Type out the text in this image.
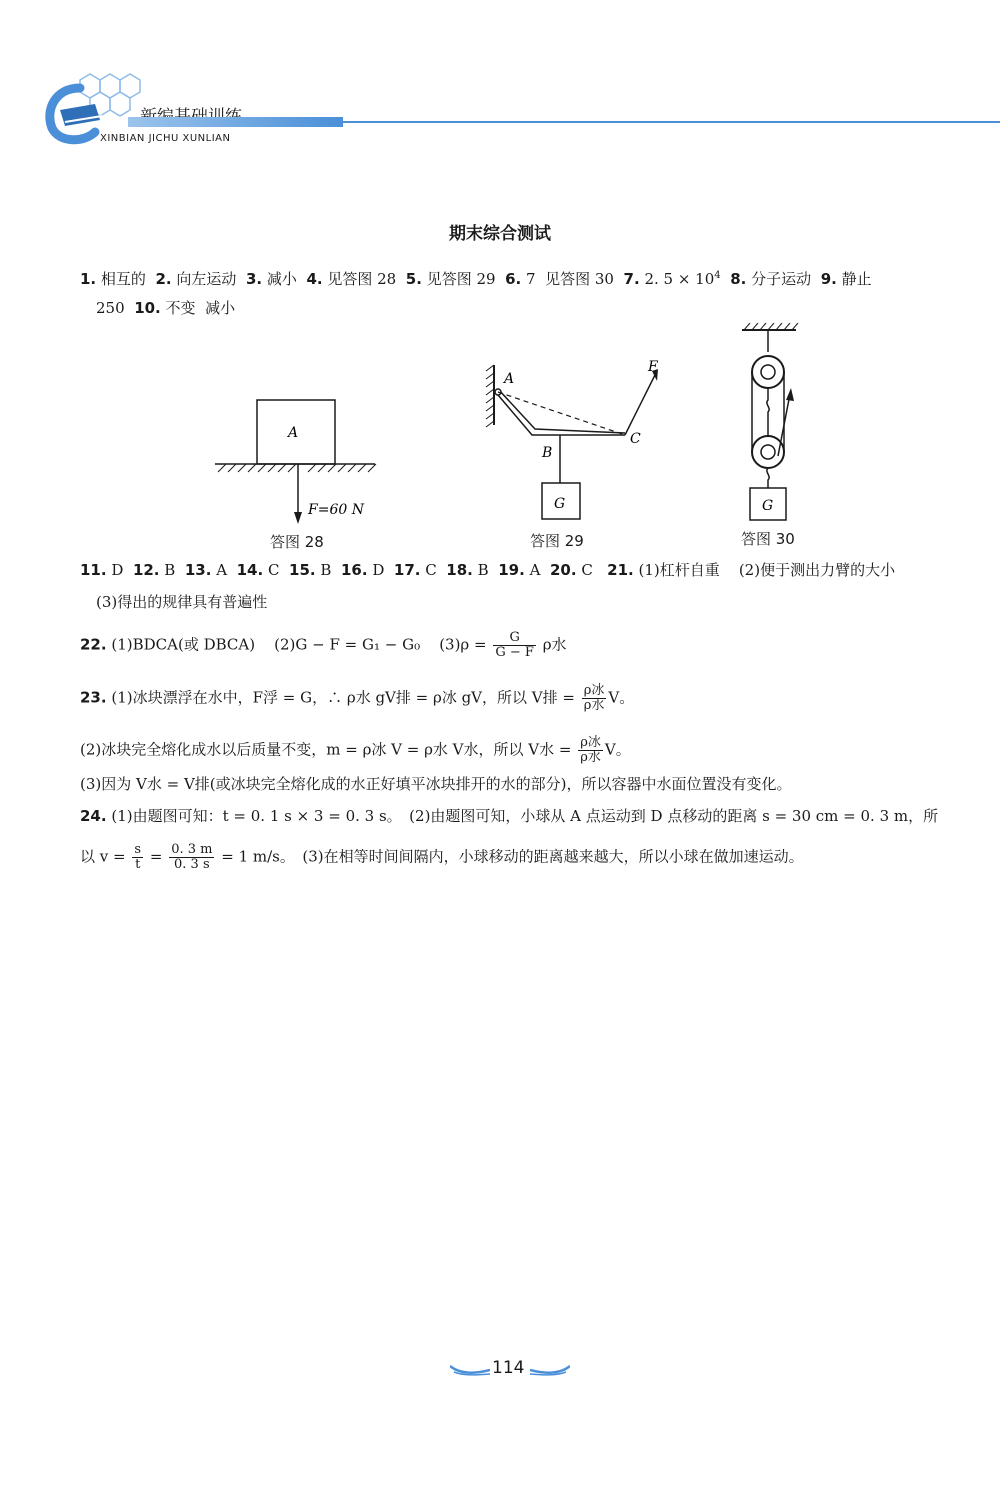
XINBIAN JICHU XUNLIAN
期末综合测试
1. 相互的 2. 向左运动 3. 减小 4. 见答图 28 5. 见答图 29 6. 7 见答图 30 7. 2. $5 \times 10^4$ 8. 分子运动 9. 静止
250 10. 不变 减小
A
F=60 N
答图 28
A
B
C
F
G
答图 29
G
答图 30
11. D 12. B 13. A 14. C 15. B 16. D 17. C 18. B 19. A 20. C 21. (1)杠杆自重 (2)便于测出力臂的大小
(3)得出的规律具有普遍性
22. (1)BDCA(或 DBCA) (2)G − F = G₁ − G₀ $(3)\rho = \frac{G}{G - F}$ ρ水
23. (1)冰块漂浮在水中，F浮 = G，∴ ρ水 gV排 = ρ冰 gV，所以 V排 = $\frac{\text{ρ冰}}{\text{ρ水}}$ V。
(2)冰块完全熔化成水以后质量不变，m = ρ冰 V = ρ水 V水，所以 V水 = $\frac{\text{ρ冰}}{\text{ρ水}}$ V。
(3)因为 V水 = V排(或冰块完全熔化成的水正好填平冰块排开的水的部分)，所以容器中水面位置没有变化。
24. (1)由题图可知：t = 0. 1 s × 3 = 0. 3 s。　(2)由题图可知，小球从 A 点运动到 D 点移动的距离 s = 30 cm = 0. 3 m，所
以 $v = \frac{s}{t} = \frac{0. 3 m}{0. 3 s} = 1$ m/s。　(3)在相等时间间隔内，小球移动的距离越来越大，所以小球在做加速运动。
114
